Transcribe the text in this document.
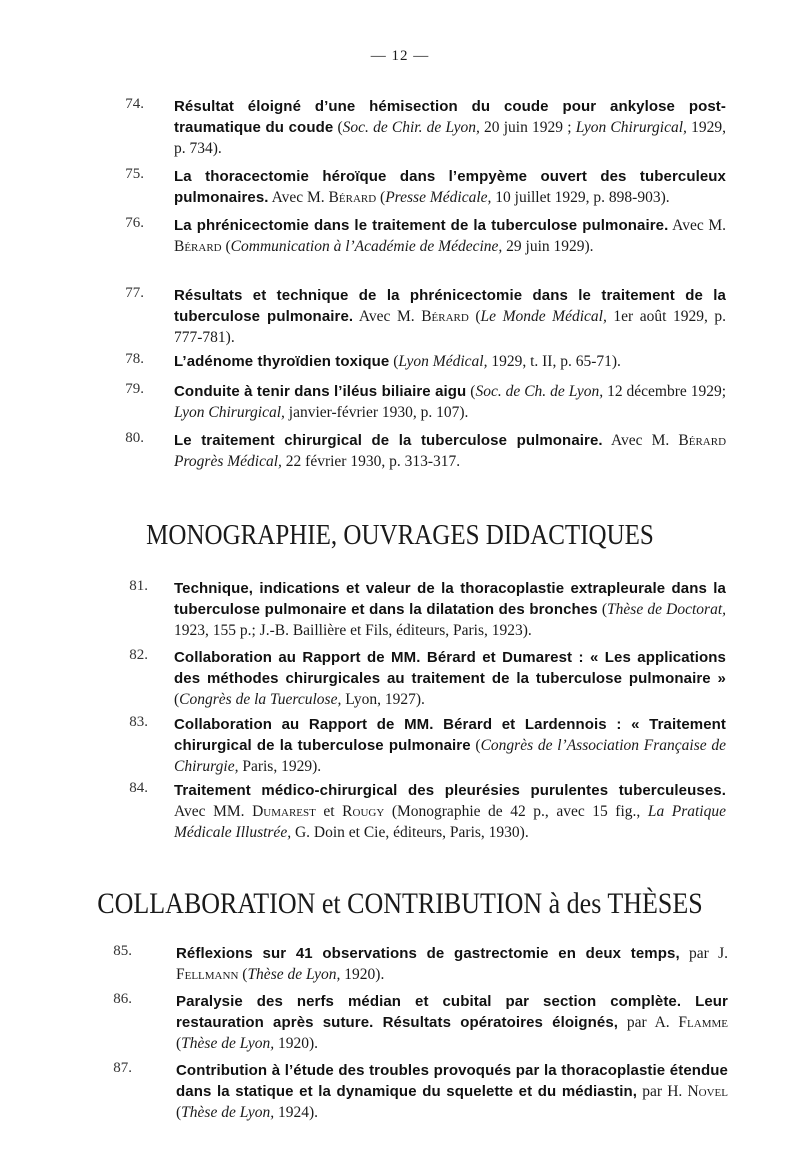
— 12 —
74. Résultat éloigné d’une hémisection du coude pour ankylose post-traumatique du coude (Soc. de Chir. de Lyon, 20 juin 1929 ; Lyon Chirurgical, 1929, p. 734).
75. La thoracectomie héroïque dans l’empyème ouvert des tuberculeux pulmonaires. Avec M. Bérard (Presse Médicale, 10 juillet 1929, p. 898-903).
76. La phrénicectomie dans le traitement de la tuberculose pulmonaire. Avec M. Bérard (Communication à l’Académie de Médecine, 29 juin 1929).
77. Résultats et technique de la phrénicectomie dans le traitement de la tuberculose pulmonaire. Avec M. Bérard (Le Monde Médical, 1er août 1929, p. 777-781).
78. L’adénome thyroïdien toxique (Lyon Médical, 1929, t. II, p. 65-71).
79. Conduite à tenir dans l’iléus biliaire aigu (Soc. de Ch. de Lyon, 12 décembre 1929; Lyon Chirurgical, janvier-février 1930, p. 107).
80. Le traitement chirurgical de la tuberculose pulmonaire. Avec M. Bérard Progrès Médical, 22 février 1930, p. 313-317.
MONOGRAPHIE, OUVRAGES DIDACTIQUES
81. Technique, indications et valeur de la thoracoplastie extrapleurale dans la tuberculose pulmonaire et dans la dilatation des bronches (Thèse de Doctorat, 1923, 155 p.; J.-B. Baillière et Fils, éditeurs, Paris, 1923).
82. Collaboration au Rapport de MM. Bérard et Dumarest : « Les applications des méthodes chirurgicales au traitement de la tuberculose pulmonaire » (Congrès de la Tuerculose, Lyon, 1927).
83. Collaboration au Rapport de MM. Bérard et Lardennois : « Traitement chirurgical de la tuberculose pulmonaire (Congrès de l’Association Française de Chirurgie, Paris, 1929).
84. Traitement médico-chirurgical des pleurésies purulentes tuberculeuses. Avec MM. Dumarest et Rougy (Monographie de 42 p., avec 15 fig., La Pratique Médicale Illustrée, G. Doin et Cie, éditeurs, Paris, 1930).
COLLABORATION et CONTRIBUTION à des THÈSES
85.	Réflexions sur 41 observations de gastrectomie en deux temps, par J. Fellmann (Thèse de Lyon, 1920).
86.	Paralysie des nerfs médian et cubital par section complète. Leur restauration après suture. Résultats opératoires éloignés, par A. Flamme (Thèse de Lyon, 1920).
87.	Contribution à l’étude des troubles provoqués par la thoracoplastie étendue dans la statique et la dynamique du squelette et du médiastin, par H. Novel (Thèse de Lyon, 1924).
